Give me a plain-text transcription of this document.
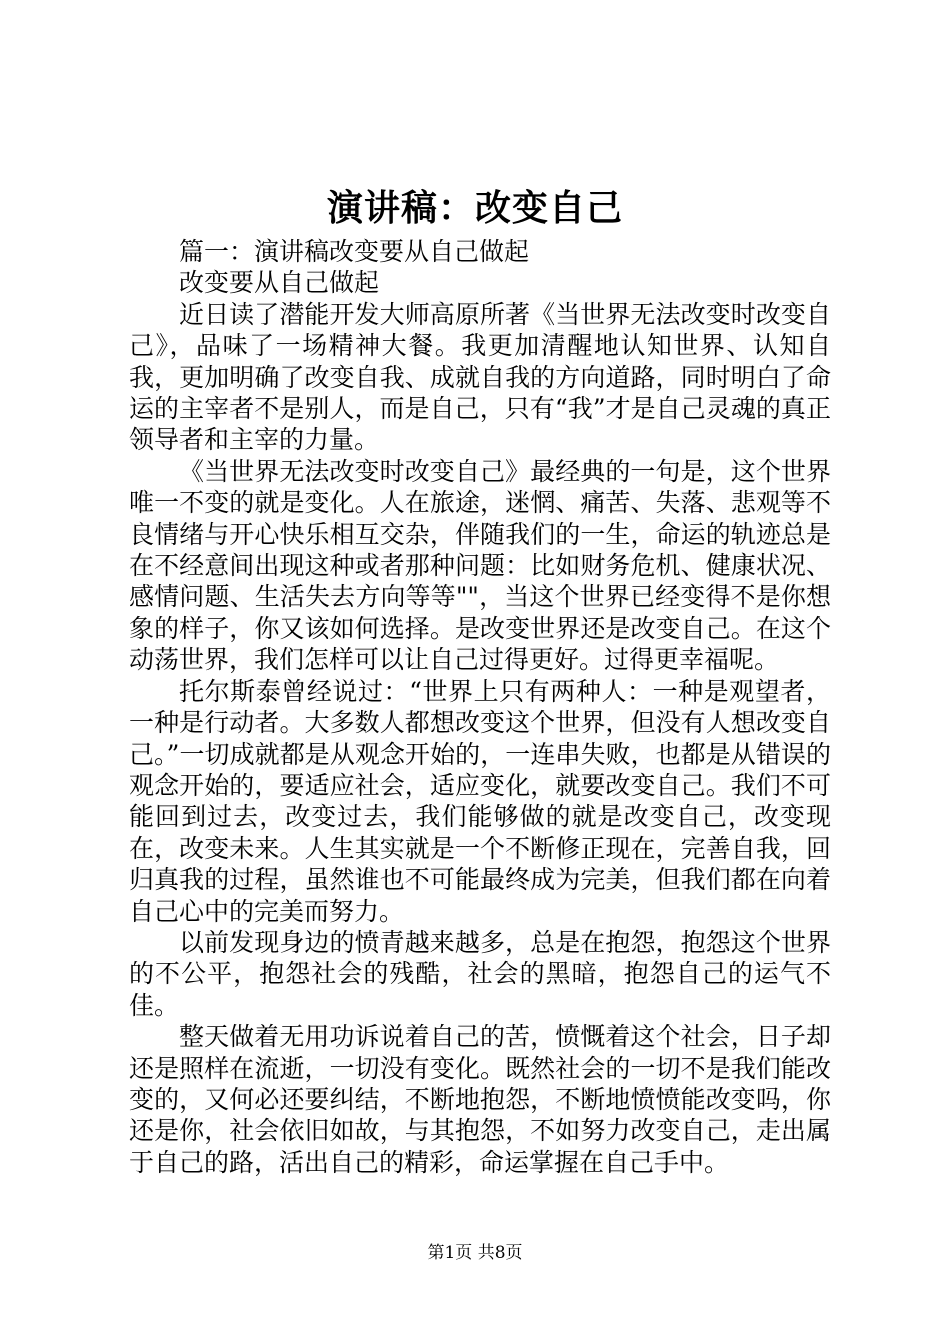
演讲稿：改变自己

篇一：演讲稿改变要从自己做起

改变要从自己做起

近日读了潜能开发大师高原所著《当世界无法改变时改变自己》，品味了一场精神大餐。我更加清醒地认知世界、认知自我，更加明确了改变自我、成就自我的方向道路，同时明白了命运的主宰者不是别人，而是自己，只有“我”才是自己灵魂的真正领导者和主宰的力量。

《当世界无法改变时改变自己》最经典的一句是，这个世界唯一不变的就是变化。人在旅途，迷惘、痛苦、失落、悲观等不良情绪与开心快乐相互交杂，伴随我们的一生，命运的轨迹总是在不经意间出现这种或者那种问题：比如财务危机、健康状况、感情问题、生活失去方向等等""，当这个世界已经变得不是你想象的样子，你又该如何选择。是改变世界还是改变自己。在这个动荡世界，我们怎样可以让自己过得更好。过得更幸福呢。

托尔斯泰曾经说过：“世界上只有两种人：一种是观望者，一种是行动者。大多数人都想改变这个世界，但没有人想改变自己。”一切成就都是从观念开始的，一连串失败，也都是从错误的观念开始的，要适应社会，适应变化，就要改变自己。我们不可能回到过去，改变过去，我们能够做的就是改变自己，改变现在，改变未来。人生其实就是一个不断修正现在，完善自我，回归真我的过程，虽然谁也不可能最终成为完美，但我们都在向着自己心中的完美而努力。

以前发现身边的愤青越来越多，总是在抱怨，抱怨这个世界的不公平，抱怨社会的残酷，社会的黑暗，抱怨自己的运气不佳。

整天做着无用功诉说着自己的苦，愤慨着这个社会，日子却还是照样在流逝，一切没有变化。既然社会的一切不是我们能改变的，又何必还要纠结，不断地抱怨，不断地愤愤能改变吗，你还是你，社会依旧如故，与其抱怨，不如努力改变自己，走出属于自己的路，活出自己的精彩，命运掌握在自己手中。

第1页 共8页
